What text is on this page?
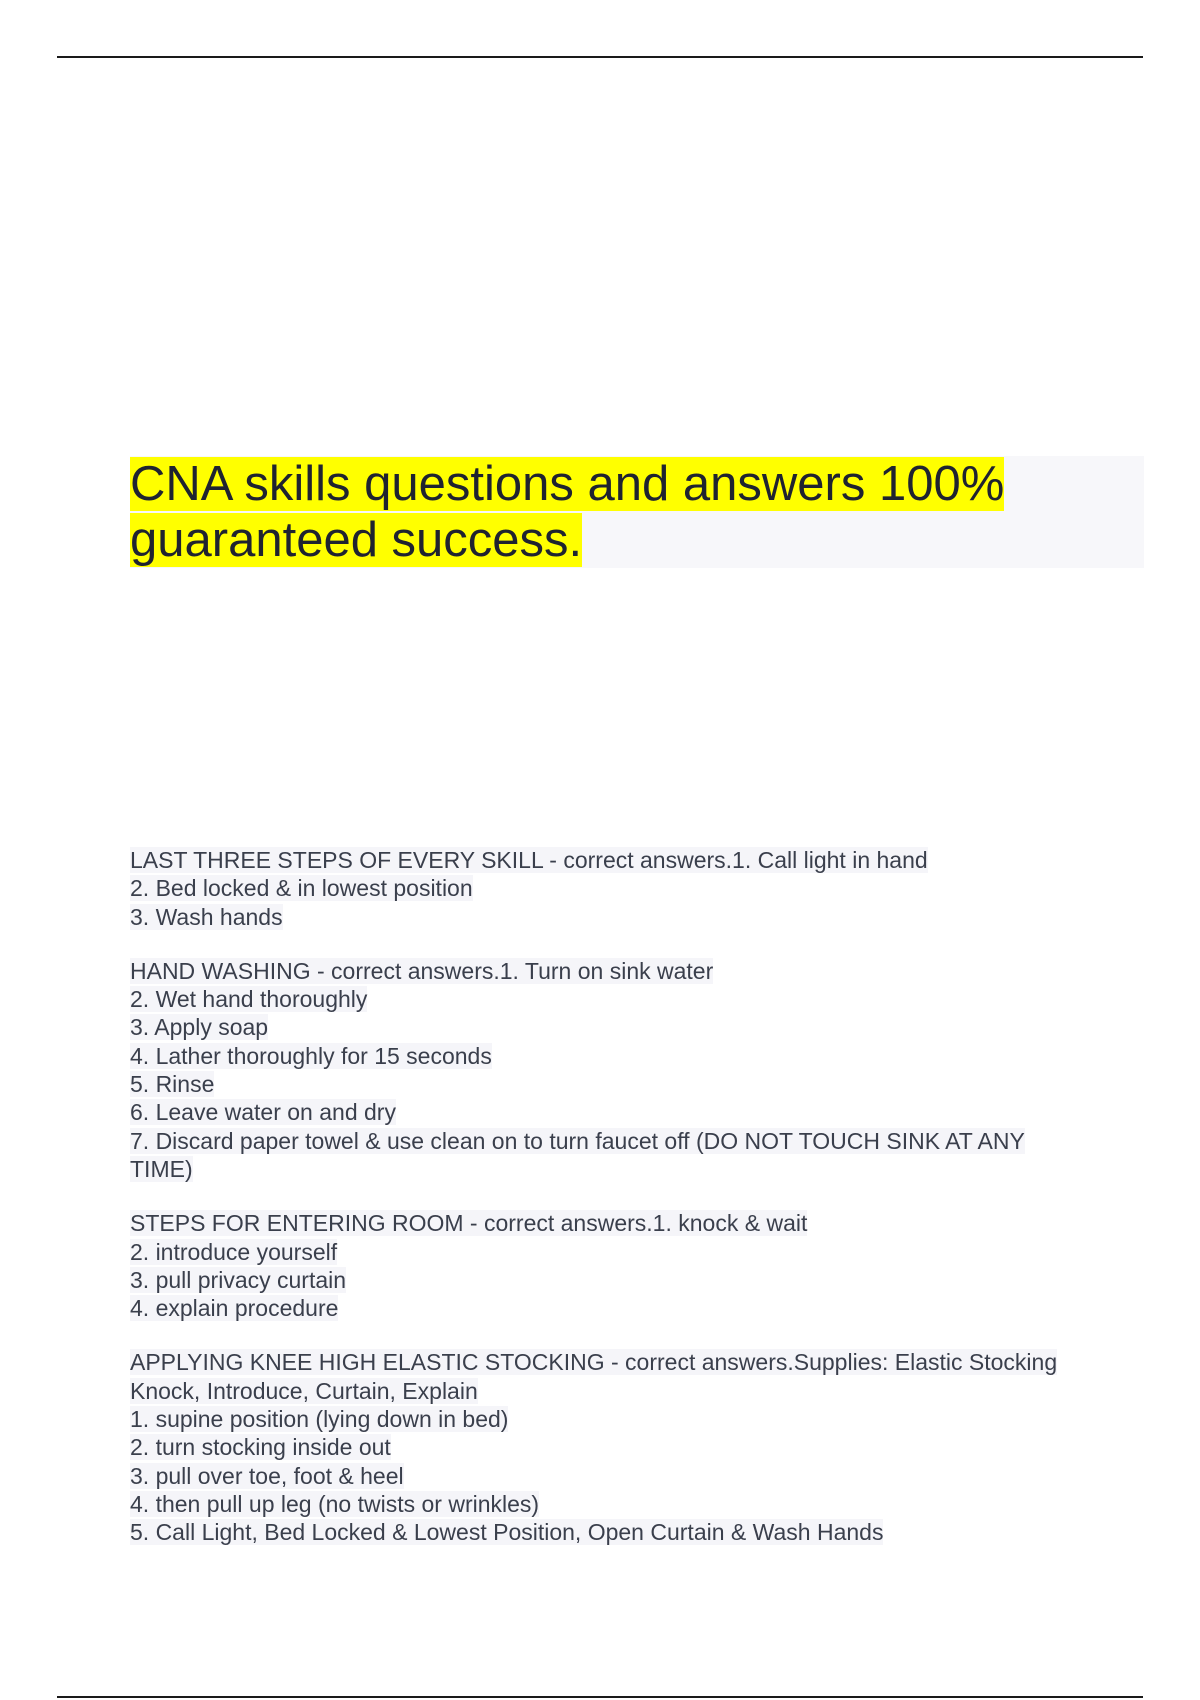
CNA skills questions and answers 100%
guaranteed success.
LAST THREE STEPS OF EVERY SKILL - correct answers.1. Call light in hand
2. Bed locked & in lowest position
3. Wash hands
HAND WASHING - correct answers.1. Turn on sink water
2. Wet hand thoroughly
3. Apply soap
4. Lather thoroughly for 15 seconds
5. Rinse
6. Leave water on and dry
7. Discard paper towel & use clean on to turn faucet off (DO NOT TOUCH SINK AT ANY
TIME)
STEPS FOR ENTERING ROOM - correct answers.1. knock & wait
2. introduce yourself
3. pull privacy curtain
4. explain procedure
APPLYING KNEE HIGH ELASTIC STOCKING - correct answers.Supplies: Elastic Stocking
Knock, Introduce, Curtain, Explain
1. supine position (lying down in bed)
2. turn stocking inside out
3. pull over toe, foot & heel
4. then pull up leg (no twists or wrinkles)
5. Call Light, Bed Locked & Lowest Position, Open Curtain & Wash Hands
